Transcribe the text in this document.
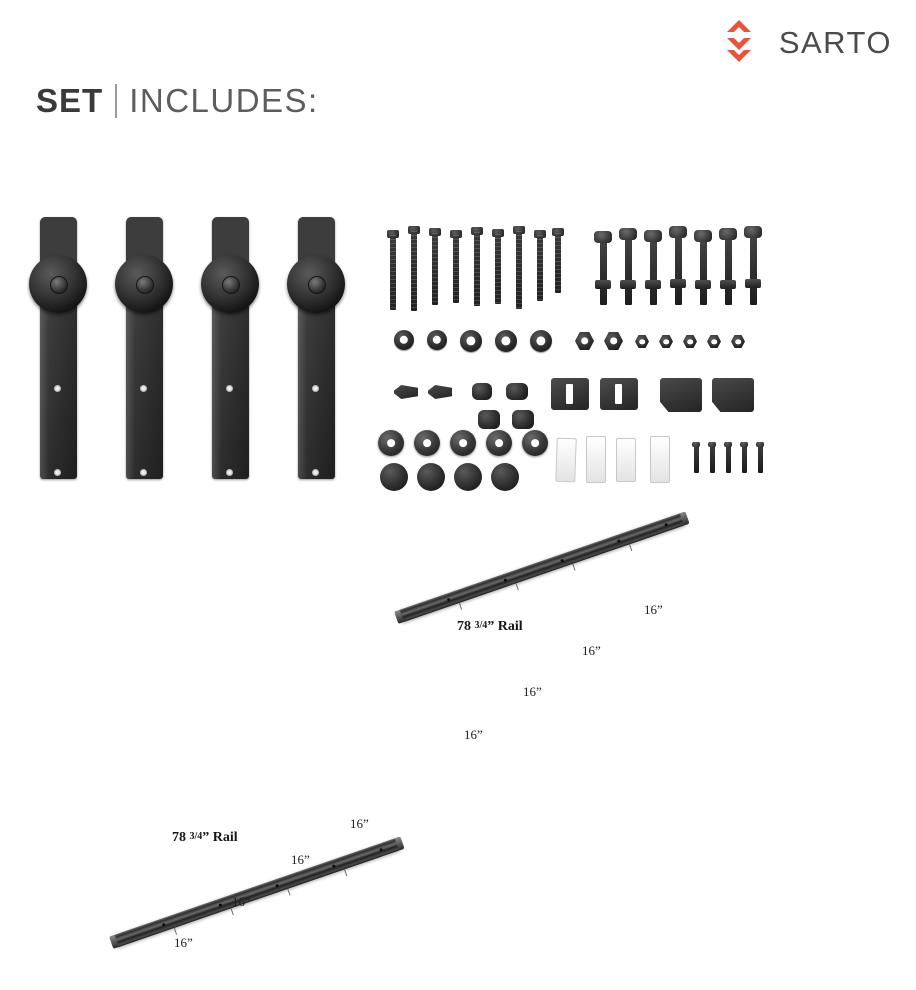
SARTO
SET INCLUDES:
78 3/4” Rail
16”
16”
16”
16”
78 3/4” Rail
16”
16”
16”
16”
